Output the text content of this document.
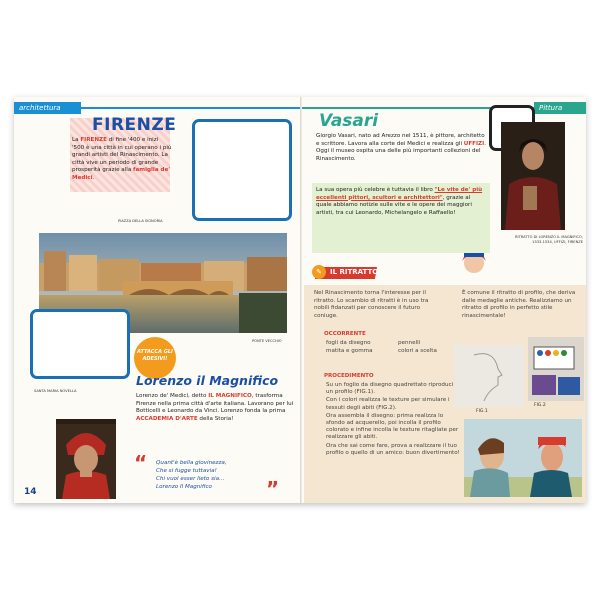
architettura
FIRENZE
La FIRENZE di fine '400 e inizi '500 è una città in cui operano i più grandi artisti del Rinascimento. La città vive un periodo di grande prosperità grazie alla famiglia de' Medici.
PIAZZA DELLA SIGNORIA
PONTE VECCHIO
ATTACCA GLI ADESIVI!
SANTA MARIA NOVELLA
Lorenzo il Magnifico
Lorenzo de' Medici, detto IL MAGNIFICO, trasforma Firenze nella prima città d'arte italiana. Lavorano per lui Botticelli e Leonardo da Vinci. Lorenzo fonda la prima ACCADEMIA D'ARTE della Storia!
“ Quant'è bella giovinezza,
Che si fugge tuttavia!
Chi vuol esser lieto sia...
Lorenzo Il Magnifico	”
14
Pittura
Vasari
Giorgio Vasari, nato ad Arezzo nel 1511, è pittore, architetto e scrittore. Lavora alla corte dei Medici e realizza gli UFFIZI. Oggi il museo ospita una delle più importanti collezioni del Rinascimento.
La sua opera più celebre è tuttavia il libro "Le vite de' più eccellenti pittori, scultori e architettori", grazie al quale abbiamo notizie sulle vite e le opere dei maggiori artisti, tra cui Leonardo, Michelangelo e Raffaello!
RITRATTO DI LORENZO IL MAGNIFICO, 1533-1534, UFFIZI, FIRENZE
✎	IL RITRATTO
Nel Rinascimento torna l'interesse per il ritratto. Lo scambio di ritratti è in uso tra nobili fidanzati per conoscere il futuro coniuge.
È comune il ritratto di profilo, che deriva dalle medaglie antiche. Realizziamo un ritratto di profilo in perfetto stile rinascimentale!
OCCORRENTE
fogli da disegno
matita e gomma
pennelli
colori a scelta
PROCEDIMENTO
Su un foglio da disegno quadrettato riproduci un profilo (FIG.1).
Con i colori realizza le texture per simulare i tessuti degli abiti (FIG.2).
Ora assembla il disegno: prima realizza lo sfondo ad acquerello, poi incolla il profilo colorato e infine incolla le texture ritagliate per realizzare gli abiti.
Ora che sai come fare, prova a realizzare il tuo profilo o quello di un amico: buon divertimento!
FIG.1
FIG.2
